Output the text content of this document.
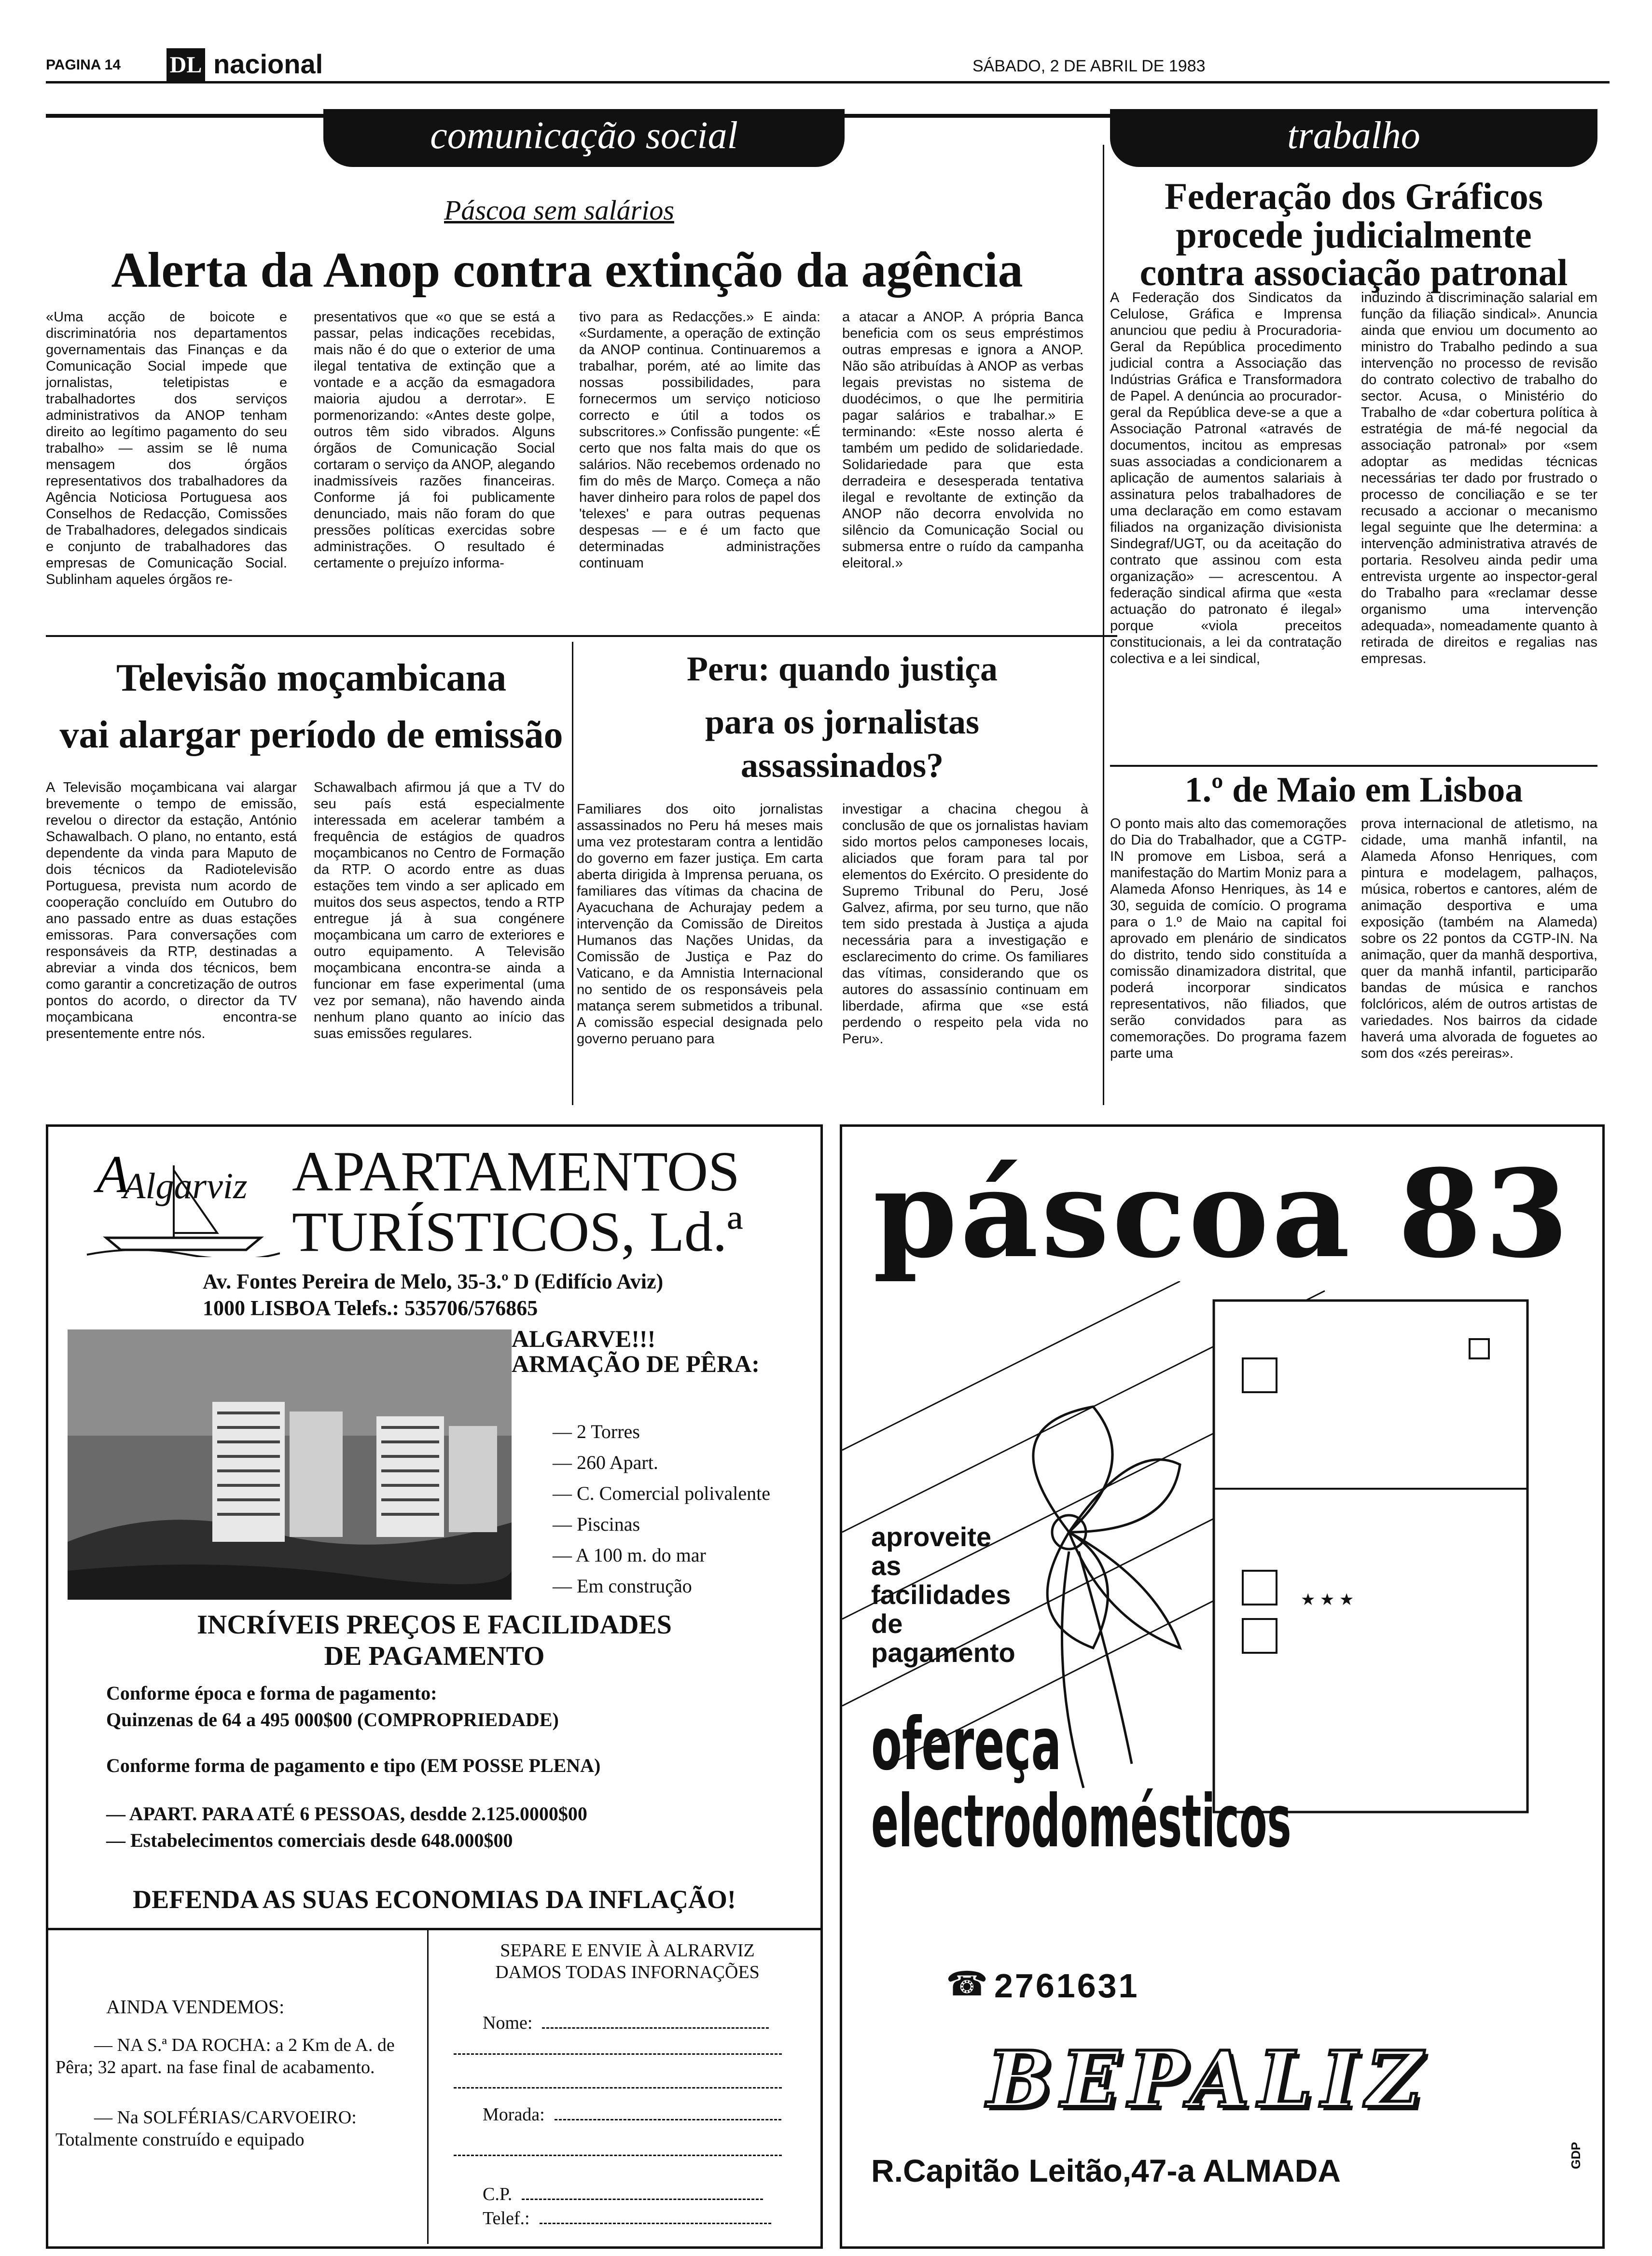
PAGINA 14 DL nacional	SÁBADO, 2 DE ABRIL DE 1983
comunicação social	trabalho
Páscoa sem salários
Alerta da Anop contra extinção da agência
«Uma acção de boicote e discriminatória nos departamentos governamentais das Finanças e da Comunicação Social impede que jornalistas, teletipistas e trabalhadortes dos serviços administrativos da ANOP tenham direito ao legítimo pagamento do seu trabalho» — assim se lê numa mensagem dos órgãos representativos dos trabalhadores da Agência Noticiosa Portuguesa aos Conselhos de Redacção, Comissões de Trabalhadores, delegados sindicais e conjunto de trabalhadores das empresas de Comunicação Social. Sublinham aqueles órgãos re-
presentativos que «o que se está a passar, pelas indicações recebidas, mais não é do que o exterior de uma ilegal tentativa de extinção que a vontade e a acção da esmagadora maioria ajudou a derrotar». E pormenorizando: «Antes deste golpe, outros têm sido vibrados. Alguns órgãos de Comunicação Social cortaram o serviço da ANOP, alegando inadmissíveis razões financeiras. Conforme já foi publicamente denunciado, mais não foram do que pressões políticas exercidas sobre administrações. O resultado é certamente o prejuízo informa-
tivo para as Redacções.» E ainda: «Surdamente, a operação de extinção da ANOP continua. Continuaremos a trabalhar, porém, até ao limite das nossas possibilidades, para fornecermos um serviço noticioso correcto e útil a todos os subscritores.» Confissão pungente: «É certo que nos falta mais do que os salários. Não recebemos ordenado no fim do mês de Março. Começa a não haver dinheiro para rolos de papel dos 'telexes' e para outras pequenas despesas — e é um facto que determinadas administrações continuam
a atacar a ANOP. A própria Banca beneficia com os seus empréstimos outras empresas e ignora a ANOP. Não são atribuídas à ANOP as verbas legais previstas no sistema de duodécimos, o que lhe permitiria pagar salários e trabalhar.» E terminando: «Este nosso alerta é também um pedido de solidariedade. Solidariedade para que esta derradeira e desesperada tentativa ilegal e revoltante de extinção da ANOP não decorra envolvida no silêncio da Comunicação Social ou submersa entre o ruído da campanha eleitoral.»
Televisão moçambicana
vai alargar período de emissão
A Televisão moçambicana vai alargar brevemente o tempo de emissão, revelou o director da estação, António Schawalbach. O plano, no entanto, está dependente da vinda para Maputo de dois técnicos da Radiotelevisão Portuguesa, prevista num acordo de cooperação concluído em Outubro do ano passado entre as duas estações emissoras. Para conversações com responsáveis da RTP, destinadas a abreviar a vinda dos técnicos, bem como garantir a concretização de outros pontos do acordo, o director da TV moçambicana encontra-se presentemente entre nós.
Schawalbach afirmou já que a TV do seu país está especialmente interessada em acelerar também a frequência de estágios de quadros moçambicanos no Centro de Formação da RTP. O acordo entre as duas estações tem vindo a ser aplicado em muitos dos seus aspectos, tendo a RTP entregue já à sua congénere moçambicana um carro de exteriores e outro equipamento. A Televisão moçambicana encontra-se ainda a funcionar em fase experimental (uma vez por semana), não havendo ainda nenhum plano quanto ao início das suas emissões regulares.
Peru: quando justiça
para os jornalistas
assassinados?
Familiares dos oito jornalistas assassinados no Peru há meses mais uma vez protestaram contra a lentidão do governo em fazer justiça. Em carta aberta dirigida à Imprensa peruana, os familiares das vítimas da chacina de Ayacuchana de Achurajay pedem a intervenção da Comissão de Direitos Humanos das Nações Unidas, da Comissão de Justiça e Paz do Vaticano, e da Amnistia Internacional no sentido de os responsáveis pela matança serem submetidos a tribunal. A comissão especial designada pelo governo peruano para
investigar a chacina chegou à conclusão de que os jornalistas haviam sido mortos pelos camponeses locais, aliciados que foram para tal por elementos do Exército. O presidente do Supremo Tribunal do Peru, José Galvez, afirma, por seu turno, que não tem sido prestada à Justiça a ajuda necessária para a investigação e esclarecimento do crime. Os familiares das vítimas, considerando que os autores do assassínio continuam em liberdade, afirma que «se está perdendo o respeito pela vida no Peru».
Federação dos Gráficos
procede judicialmente
contra associação patronal
A Federação dos Sindicatos da Celulose, Gráfica e Imprensa anunciou que pediu à Procuradoria-Geral da República procedimento judicial contra a Associação das Indústrias Gráfica e Transformadora de Papel. A denúncia ao procurador-geral da República deve-se a que a Associação Patronal «através de documentos, incitou as empresas suas associadas a condicionarem a aplicação de aumentos salariais à assinatura pelos trabalhadores de uma declaração em como estavam filiados na organização divisionista Sindegraf/UGT, ou da aceitação do contrato que assinou com esta organização» — acrescentou. A federação sindical afirma que «esta actuação do patronato é ilegal» porque «viola preceitos constitucionais, a lei da contratação colectiva e a lei sindical,
induzindo à discriminação salarial em função da filiação sindical». Anuncia ainda que enviou um documento ao ministro do Trabalho pedindo a sua intervenção no processo de revisão do contrato colectivo de trabalho do sector. Acusa, o Ministério do Trabalho de «dar cobertura política à estratégia de má-fé negocial da associação patronal» por «sem adoptar as medidas técnicas necessárias ter dado por frustrado o processo de conciliação e se ter recusado a accionar o mecanismo legal seguinte que lhe determina: a intervenção administrativa através de portaria. Resolveu ainda pedir uma entrevista urgente ao inspector-geral do Trabalho para «reclamar desse organismo uma intervenção adequada», nomeadamente quanto à retirada de direitos e regalias nas empresas.
1.º de Maio em Lisboa
O ponto mais alto das comemorações do Dia do Trabalhador, que a CGTP-IN promove em Lisboa, será a manifestação do Martim Moniz para a Alameda Afonso Henriques, às 14 e 30, seguida de comício. O programa para o 1.º de Maio na capital foi aprovado em plenário de sindicatos do distrito, tendo sido constituída a comissão dinamizadora distrital, que poderá incorporar sindicatos representativos, não filiados, que serão convidados para as comemorações. Do programa fazem parte uma
prova internacional de atletismo, na cidade, uma manhã infantil, na Alameda Afonso Henriques, com pintura e modelagem, palhaços, música, robertos e cantores, além de animação desportiva e uma exposição (também na Alameda) sobre os 22 pontos da CGTP-IN. Na animação, quer da manhã desportiva, quer da manhã infantil, participarão bandas de música e ranchos folclóricos, além de outros artistas de variedades. Nos bairros da cidade haverá uma alvorada de foguetes ao som dos «zés pereiras».
A
Algarviz APARTAMENTOS
TURÍSTICOS, Ld.ª
Av. Fontes Pereira de Melo, 35-3.º D (Edifício Aviz)
1000 LISBOA Telefs.: 535706/576865
ALGARVE!!!
ARMAÇÃO DE PÊRA:
— 2 Torres
— 260 Apart.
— C. Comercial polivalente
— Piscinas
— A 100 m. do mar
— Em construção
INCRÍVEIS PREÇOS E FACILIDADES
DE PAGAMENTO
Conforme época e forma de pagamento:
Quinzenas de 64 a 495 000$00 (COMPROPRIEDADE)
Conforme forma de pagamento e tipo (EM POSSE PLENA)
— APART. PARA ATÉ 6 PESSOAS, desdde 2.125.0000$00
— Estabelecimentos comerciais desde 648.000$00
DEFENDA AS SUAS ECONOMIAS DA INFLAÇÃO!
AINDA VENDEMOS:
— NA S.ª DA ROCHA: a 2 Km de A. de Pêra; 32 apart. na fase final de acabamento.
— Na SOLFÉRIAS/CARVOEIRO: Totalmente construído e equipado
SEPARE E ENVIE À ALRARVIZ
DAMOS TODAS INFORNAÇÕES
Nome:
Morada:
C.P.
Telef.:
páscoa 83
aproveite
as
facilidades
de
pagamento
★ ★ ★
ofereça
electrodomésticos
☎ 2761631
BEPALIZ
R.Capitão Leitão,47-a ALMADA	GDP
